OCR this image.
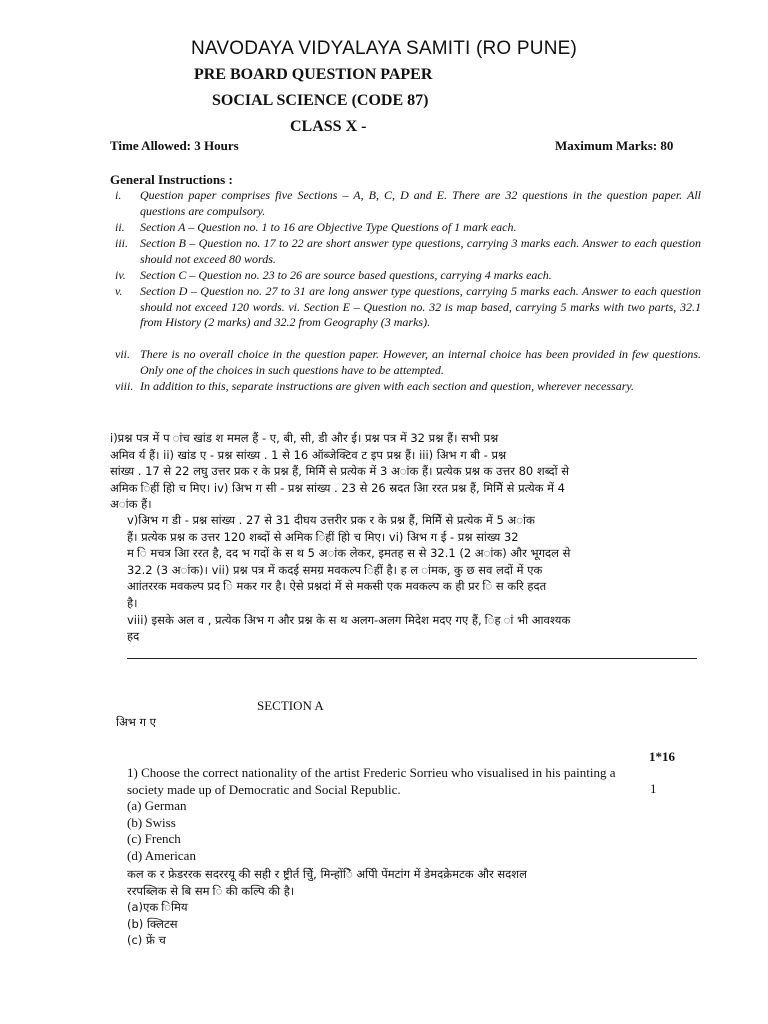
NAVODAYA VIDYALAYA SAMITI (RO PUNE)
PRE BOARD QUESTION PAPER
SOCIAL SCIENCE (CODE 87)
CLASS X -
Time Allowed: 3 Hours	Maximum Marks: 80
General Instructions :
i.	Question paper comprises five Sections – A, B, C, D and E. There are 32 questions in the question paper. All questions are compulsory.
ii.	Section A – Question no. 1 to 16 are Objective Type Questions of 1 mark each.
iii. Section B – Question no. 17 to 22 are short answer type questions, carrying 3 marks each. Answer to each question should not exceed 80 words.
iv.	Section C – Question no. 23 to 26 are source based questions, carrying 4 marks each.
v.	Section D – Question no. 27 to 31 are long answer type questions, carrying 5 marks each. Answer to each question should not exceed 120 words. vi. Section E – Question no. 32 is map based, carrying 5 marks with two parts, 32.1 from History (2 marks) and 32.2 from Geography (3 marks).
vii. There is no overall choice in the question paper. However, an internal choice has been provided in few questions. Only one of the choices in such questions have to be attempted.
viii. In addition to this, separate instructions are given with each section and question, wherever necessary.
i)प्रश्न पत्र में प ांच खांड श ममल हैं - ए, बी, सी, डी और ई। प्रश्न पत्र में 32 प्रश्न हैं। सभी प्रश्न
अमिव र्य हैं। ii) खांड ए - प्रश्न सांख्य . 1 से 16 ऑब्जेक्टिव ट इप प्रश्न हैं। iii) अिभ ग बी - प्रश्न
सांख्य . 17 से 22 लघु उत्तर प्रक र के प्रश्न हैं, मिमिें से प्रत्येक में 3 अांक हैं। प्रत्येक प्रश्न क उत्तर 80 शब्दों से
अमिक िहीं होि च मिए। iv) अिभ ग सी - प्रश्न सांख्य . 23 से 26 स्रदत आि ररत प्रश्न हैं, मिमिें से प्रत्येक में 4
अांक हैं।
v)अिभ ग डी - प्रश्न सांख्य . 27 से 31 दीघय उत्तरीर प्रक र के प्रश्न हैं, मिमिें से प्रत्येक में 5 अांक
हैं। प्रत्येक प्रश्न क उत्तर 120 शब्दों से अमिक िहीं होि च मिए। vi) अिभ ग ई - प्रश्न सांख्य 32
म ि मचत्र आि ररत है, दद भ गदों के स थ 5 अांक लेकर, इमतह स से 32.1 (2 अांक) और भूगदल से
32.2 (3 अांक)। vii) प्रश्न पत्र में कदई समग्र मवकल्प िहीं है। ह ल ांमक, कु छ सव लदों में एक
आांतररक मवकल्प प्रद ि मकर गर है। ऐसे प्रश्नदां में से मकसी एक मवकल्प क ही प्रर ि स करि हदत
है।
viii) इसके अल व , प्रत्येक अिभ ग और प्रश्न के स थ अलग-अलग मिदेश मदए गए हैं, िह ां भी आवश्यक
हद
SECTION A
अिभ ग ए
1*16
1) Choose the correct nationality of the artist Frederic Sorrieu who visualised in his painting a
society made up of Democratic and Social Republic.
(a) German
(b) Swiss
(c) French
(d) American
1
कल क र फ्रेडररक सदररयू की सही र ष्ट्रीर्त चुिें, मिन्होंिे अपिी पेंमटांग में डेमदक्रेमटक और सदशल
ररपब्लिक से बि सम ि की कल्पि की है।
(a)एक िमिय
(b) क्लिटस
(c) फ्रें च
